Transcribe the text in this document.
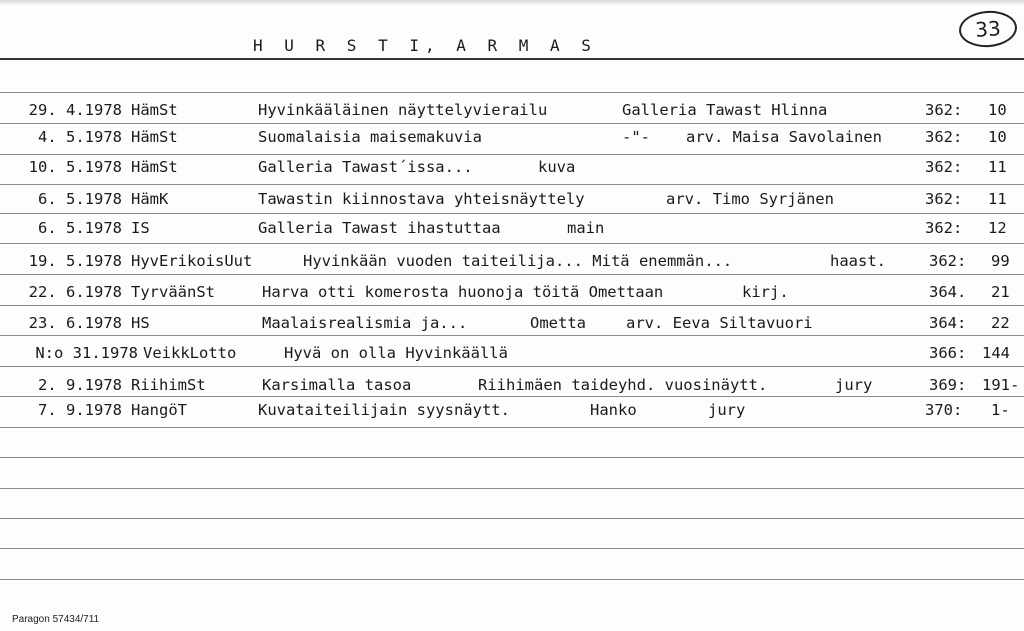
H U R S T I, A R M A S
33
29. 4.1978 HämSt	Hyvinkääläinen näyttelyvierailu	Galleria Tawast Hlinna	362: 10
4. 5.1978 HämSt	Suomalaisia maisemakuvia	-"- arv. Maisa Savolainen	362: 10
10. 5.1978 HämSt	Galleria Tawast´issa...	kuva	362: 11
6. 5.1978 HämK	Tawastin kiinnostava yhteisnäyttely	arv. Timo Syrjänen	362: 11
6. 5.1978 IS	Galleria Tawast ihastuttaa	main	362: 12
19. 5.1978 HyvErikoisUut	Hyvinkään vuoden taiteilija... Mitä enemmän...	haast.	362: 99
22. 6.1978 TyrväänSt	Harva otti komerosta huonoja töitä Omettaan	kirj.	364. 21
23. 6.1978 HS	Maalaisrealismia ja...	Ometta	arv. Eeva Siltavuori	364: 22
N:o 31.1978 VeikkLotto	Hyvä on olla Hyvinkäällä	366: 144
2. 9.1978 RiihimSt	Karsimalla tasoa	Riihimäen taideyhd. vuosinäytt.	jury	369: 191-
7. 9.1978 HangöT	Kuvataiteilijain syysnäytt.	Hanko	jury	370: 1-
Paragon 57434/711
